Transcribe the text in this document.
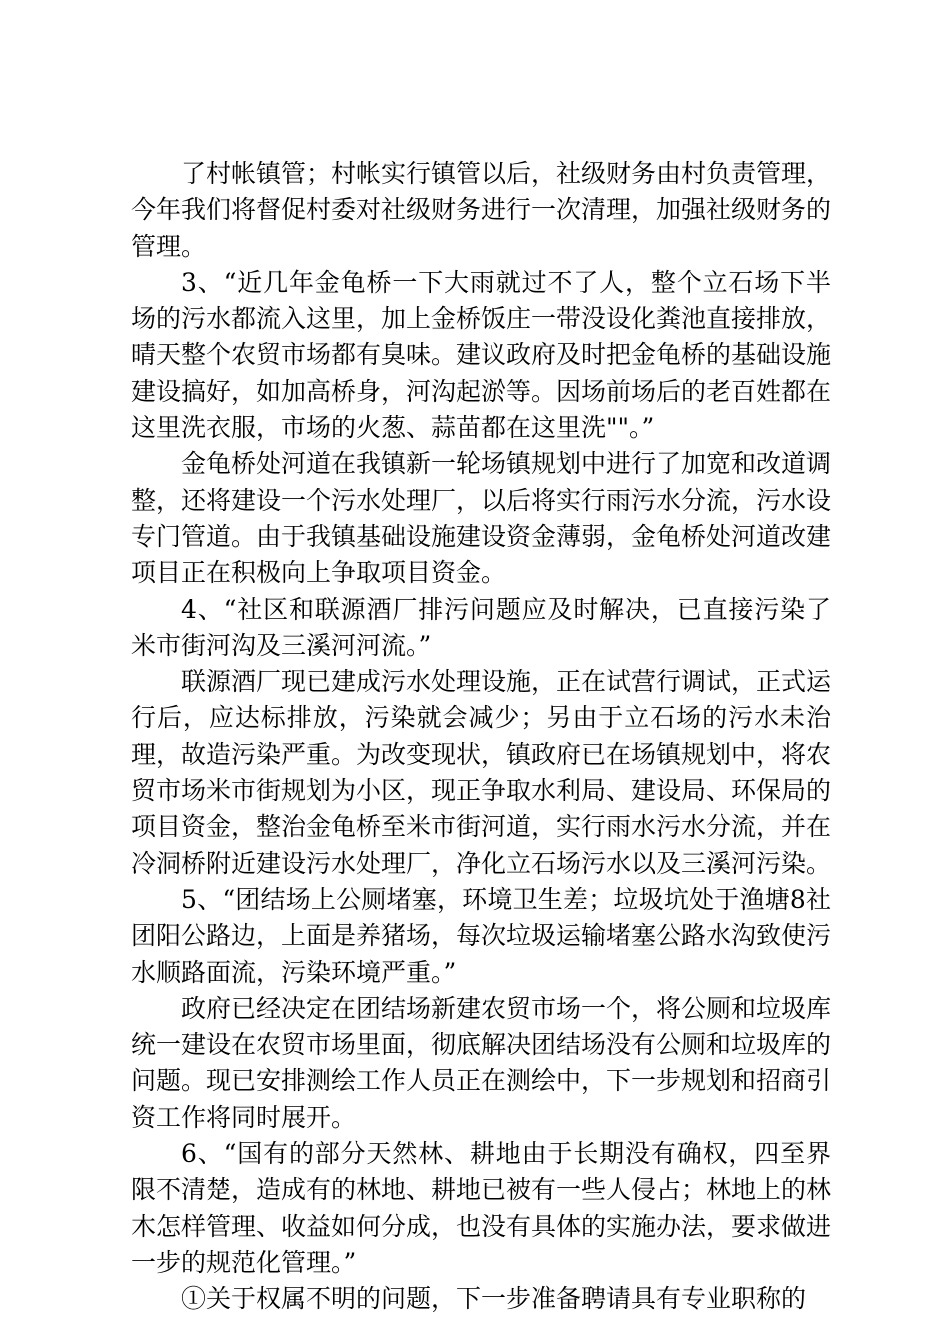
了村帐镇管；村帐实行镇管以后，社级财务由村负责管理，今年我们将督促村委对社级财务进行一次清理，加强社级财务的管理。

3、“近几年金龟桥一下大雨就过不了人，整个立石场下半场的污水都流入这里，加上金桥饭庄一带没设化粪池直接排放，晴天整个农贸市场都有臭味。建议政府及时把金龟桥的基础设施建设搞好，如加高桥身，河沟起淤等。因场前场后的老百姓都在这里洗衣服，市场的火葱、蒜苗都在这里洗""。”

金龟桥处河道在我镇新一轮场镇规划中进行了加宽和改道调整，还将建设一个污水处理厂，以后将实行雨污水分流，污水设专门管道。由于我镇基础设施建设资金薄弱，金龟桥处河道改建项目正在积极向上争取项目资金。

4、“社区和联源酒厂排污问题应及时解决，已直接污染了米市街河沟及三溪河河流。”

联源酒厂现已建成污水处理设施，正在试营行调试，正式运行后，应达标排放，污染就会减少；另由于立石场的污水未治理，故造污染严重。为改变现状，镇政府已在场镇规划中，将农贸市场米市街规划为小区，现正争取水利局、建设局、环保局的项目资金，整治金龟桥至米市街河道，实行雨水污水分流，并在冷洞桥附近建设污水处理厂，净化立石场污水以及三溪河污染。

5、“团结场上公厕堵塞，环境卫生差；垃圾坑处于渔塘8社团阳公路边，上面是养猪场，每次垃圾运输堵塞公路水沟致使污水顺路面流，污染环境严重。”

政府已经决定在团结场新建农贸市场一个，将公厕和垃圾库统一建设在农贸市场里面，彻底解决团结场没有公厕和垃圾库的问题。现已安排测绘工作人员正在测绘中，下一步规划和招商引资工作将同时展开。

6、“国有的部分天然林、耕地由于长期没有确权，四至界限不清楚，造成有的林地、耕地已被有一些人侵占；林地上的林木怎样管理、收益如何分成，也没有具体的实施办法，要求做进一步的规范化管理。”

①关于权属不明的问题，下一步准备聘请具有专业职称的
